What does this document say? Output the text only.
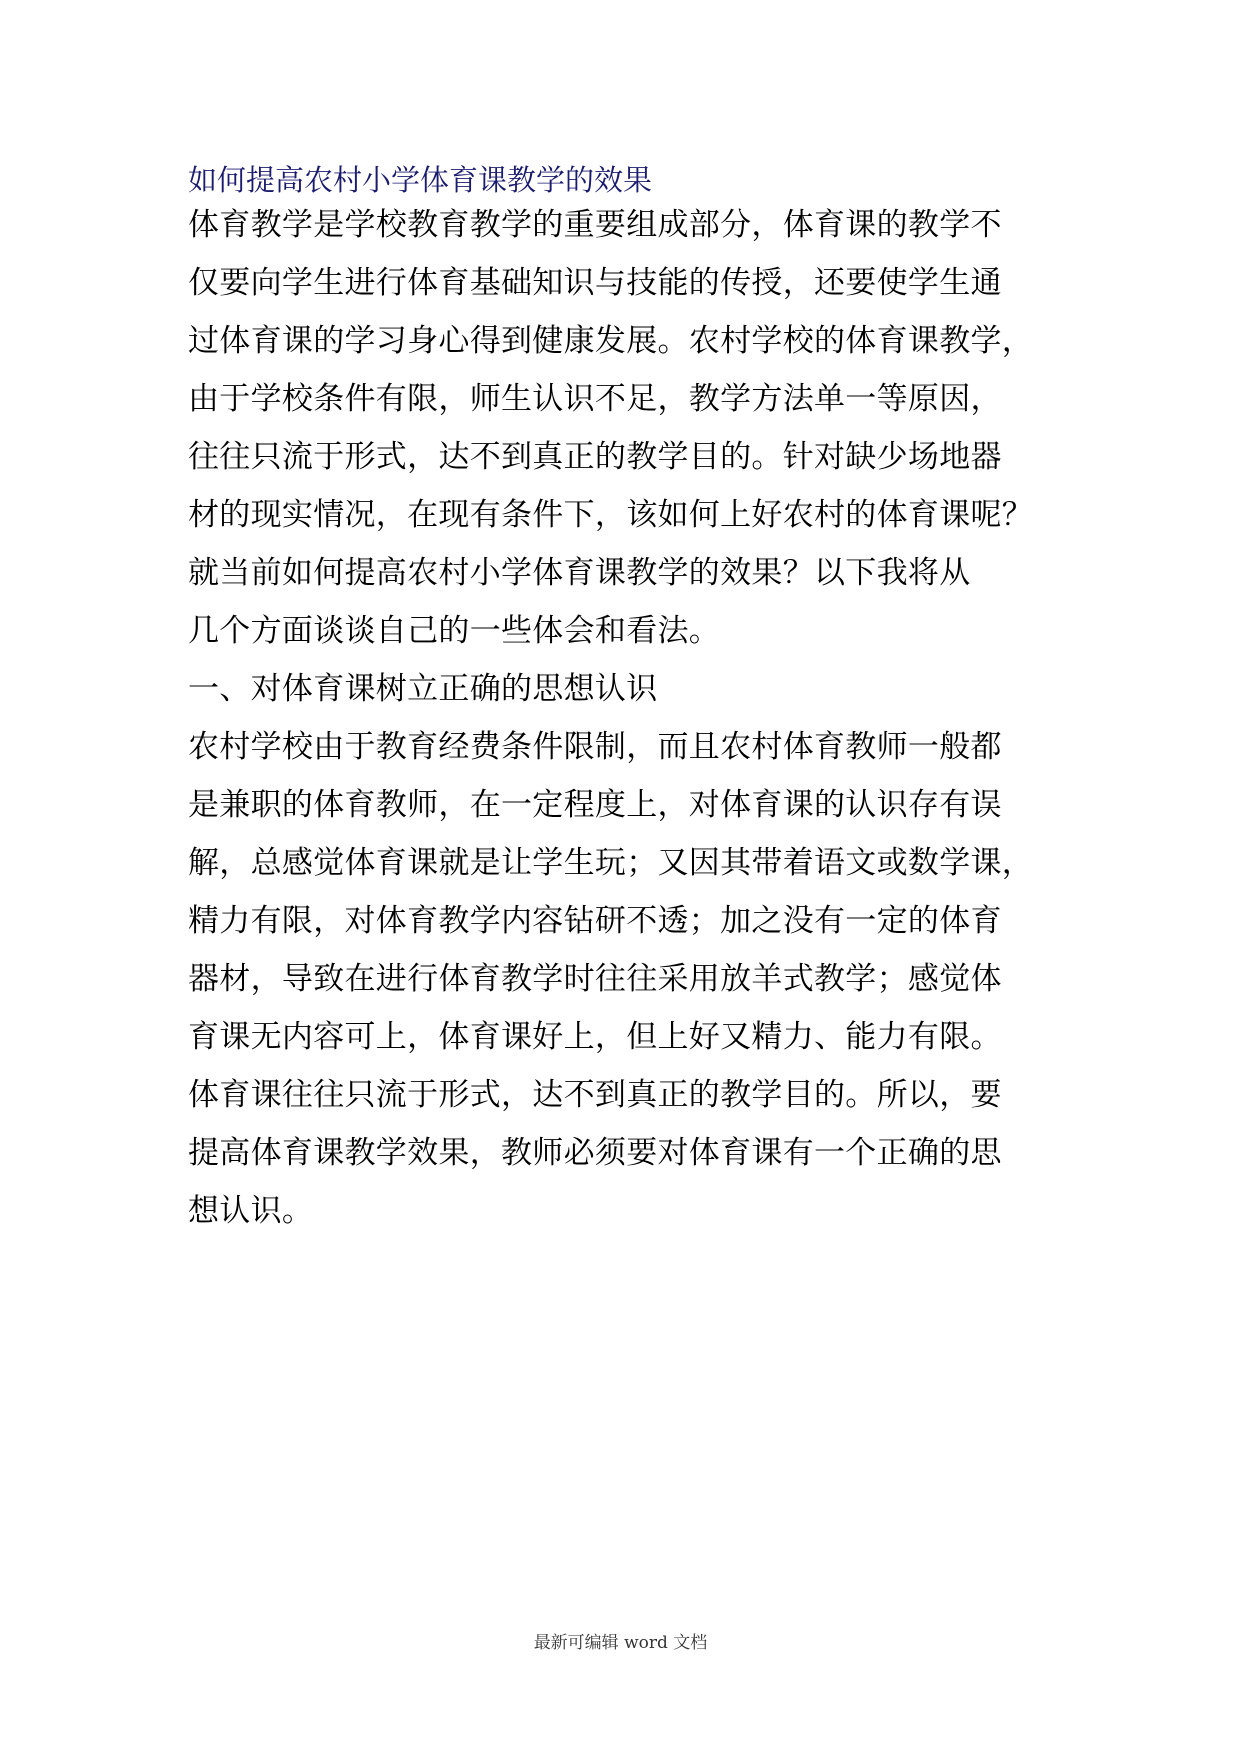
如何提高农村小学体育课教学的效果
体育教学是学校教育教学的重要组成部分，体育课的教学不
仅要向学生进行体育基础知识与技能的传授，还要使学生通
过体育课的学习身心得到健康发展。农村学校的体育课教学，
由于学校条件有限，师生认识不足，教学方法单一等原因，
往往只流于形式，达不到真正的教学目的。针对缺少场地器
材的现实情况，在现有条件下，该如何上好农村的体育课呢？
就当前如何提高农村小学体育课教学的效果？以下我将从
几个方面谈谈自己的一些体会和看法。
一、对体育课树立正确的思想认识
农村学校由于教育经费条件限制，而且农村体育教师一般都
是兼职的体育教师，在一定程度上，对体育课的认识存有误
解，总感觉体育课就是让学生玩；又因其带着语文或数学课，
精力有限，对体育教学内容钻研不透；加之没有一定的体育
器材，导致在进行体育教学时往往采用放羊式教学；感觉体
育课无内容可上，体育课好上，但上好又精力、能力有限。
体育课往往只流于形式，达不到真正的教学目的。所以，要
提高体育课教学效果，教师必须要对体育课有一个正确的思
想认识。
最新可编辑 word 文档
